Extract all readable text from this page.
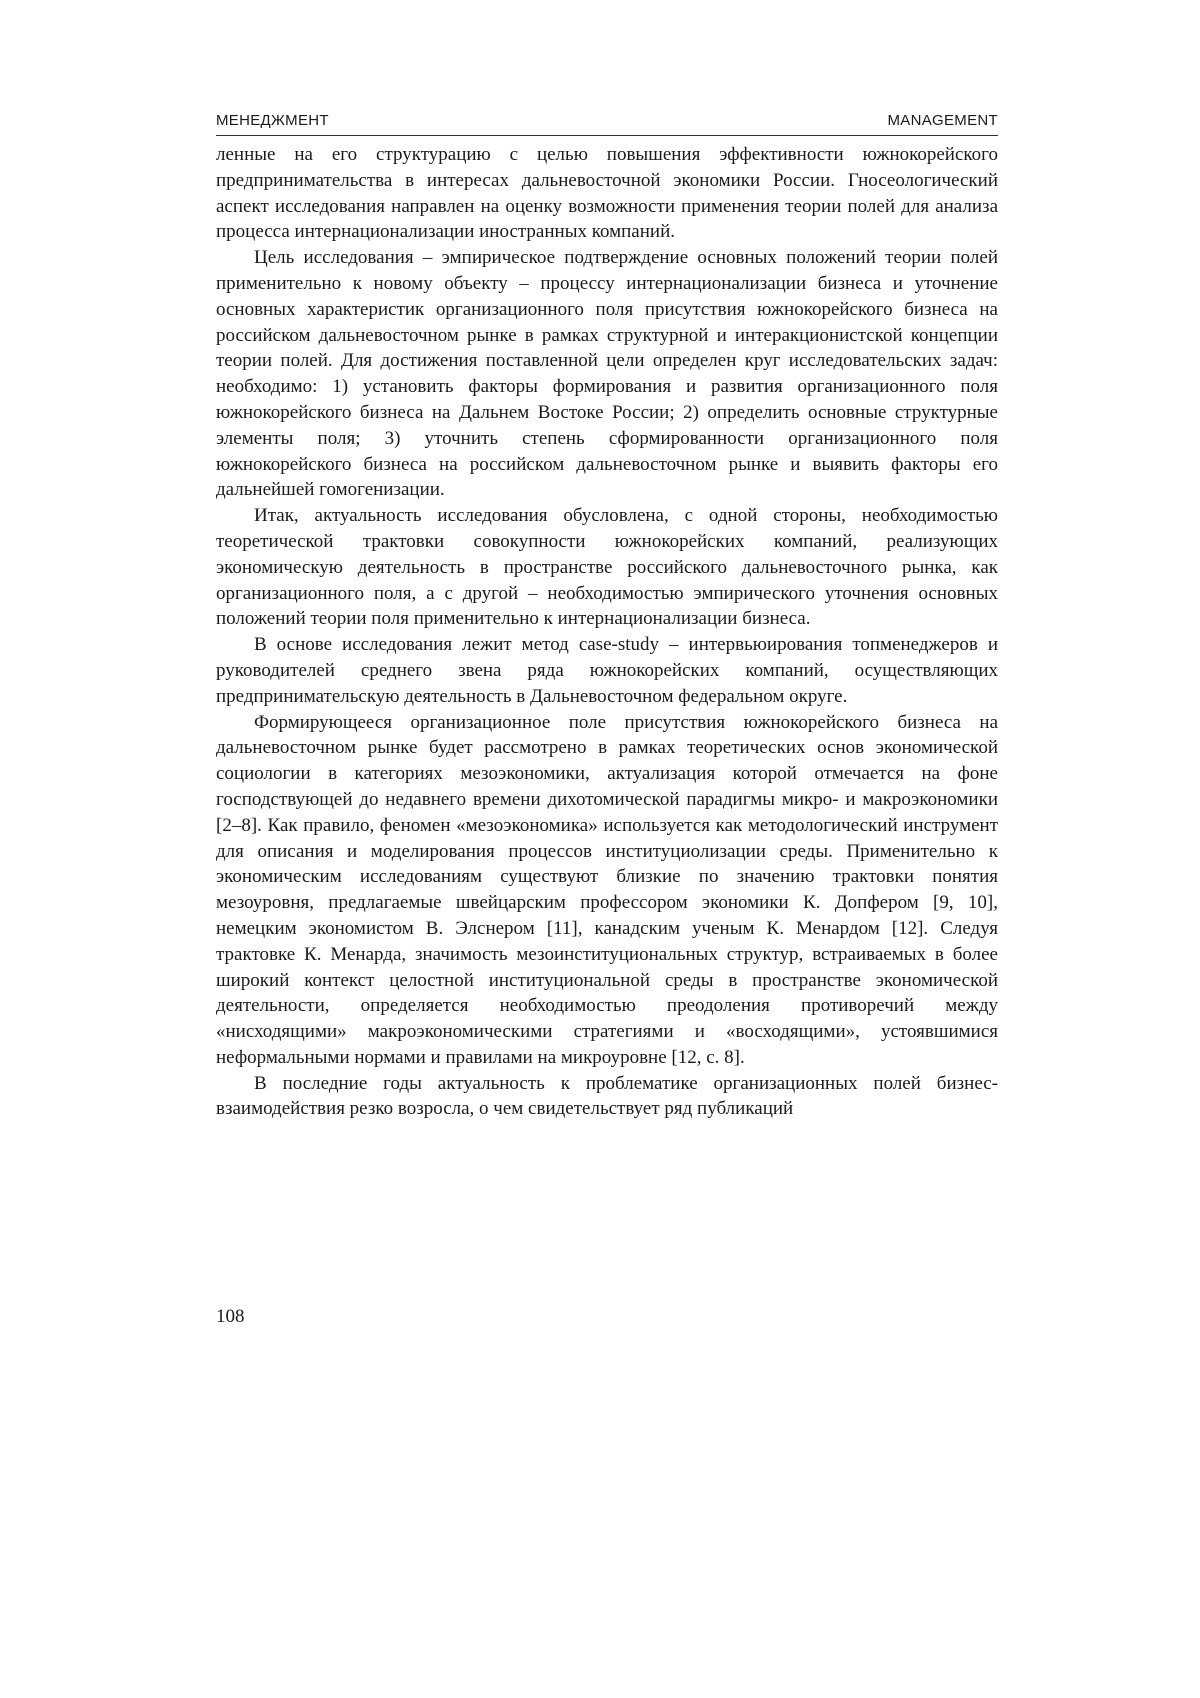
МЕНЕДЖМЕНТ	MANAGEMENT

ленные на его структурацию с целью повышения эффективности южнокорейского предпринимательства в интересах дальневосточной экономики России. Гносеологический аспект исследования направлен на оценку возможности применения теории полей для анализа процесса интернационализации иностранных компаний.

Цель исследования – эмпирическое подтверждение основных положений теории полей применительно к новому объекту – процессу интернационализации бизнеса и уточнение основных характеристик организационного поля присутствия южнокорейского бизнеса на российском дальневосточном рынке в рамках структурной и интеракционистской концепции теории полей. Для достижения поставленной цели определен круг исследовательских задач: необходимо: 1) установить факторы формирования и развития организационного поля южнокорейского бизнеса на Дальнем Востоке России; 2) определить основные структурные элементы поля; 3) уточнить степень сформированности организационного поля южнокорейского бизнеса на российском дальневосточном рынке и выявить факторы его дальнейшей гомогенизации.

Итак, актуальность исследования обусловлена, с одной стороны, необходимостью теоретической трактовки совокупности южнокорейских компаний, реализующих экономическую деятельность в пространстве российского дальневосточного рынка, как организационного поля, а с другой – необходимостью эмпирического уточнения основных положений теории поля применительно к интернационализации бизнеса.

В основе исследования лежит метод case-study – интервьюирования топменеджеров и руководителей среднего звена ряда южнокорейских компаний, осуществляющих предпринимательскую деятельность в Дальневосточном федеральном округе.

Формирующееся организационное поле присутствия южнокорейского бизнеса на дальневосточном рынке будет рассмотрено в рамках теоретических основ экономической социологии в категориях мезоэкономики, актуализация которой отмечается на фоне господствующей до недавнего времени дихотомической парадигмы микро- и макроэкономики [2–8]. Как правило, феномен «мезоэкономика» используется как методологический инструмент для описания и моделирования процессов институциолизации среды. Применительно к экономическим исследованиям существуют близкие по значению трактовки понятия мезоуровня, предлагаемые швейцарским профессором экономики К. Допфером [9, 10], немецким экономистом В. Элснером [11], канадским ученым К. Менардом [12]. Следуя трактовке К. Менарда, значимость мезоинституциональных структур, встраиваемых в более широкий контекст целостной институциональной среды в пространстве экономической деятельности, определяется необходимостью преодоления противоречий между «нисходящими» макроэкономическими стратегиями и «восходящими», устоявшимися неформальными нормами и правилами на микроуровне [12, с. 8].

В последние годы актуальность к проблематике организационных полей бизнес-взаимодействия резко возросла, о чем свидетельствует ряд публикаций

108
